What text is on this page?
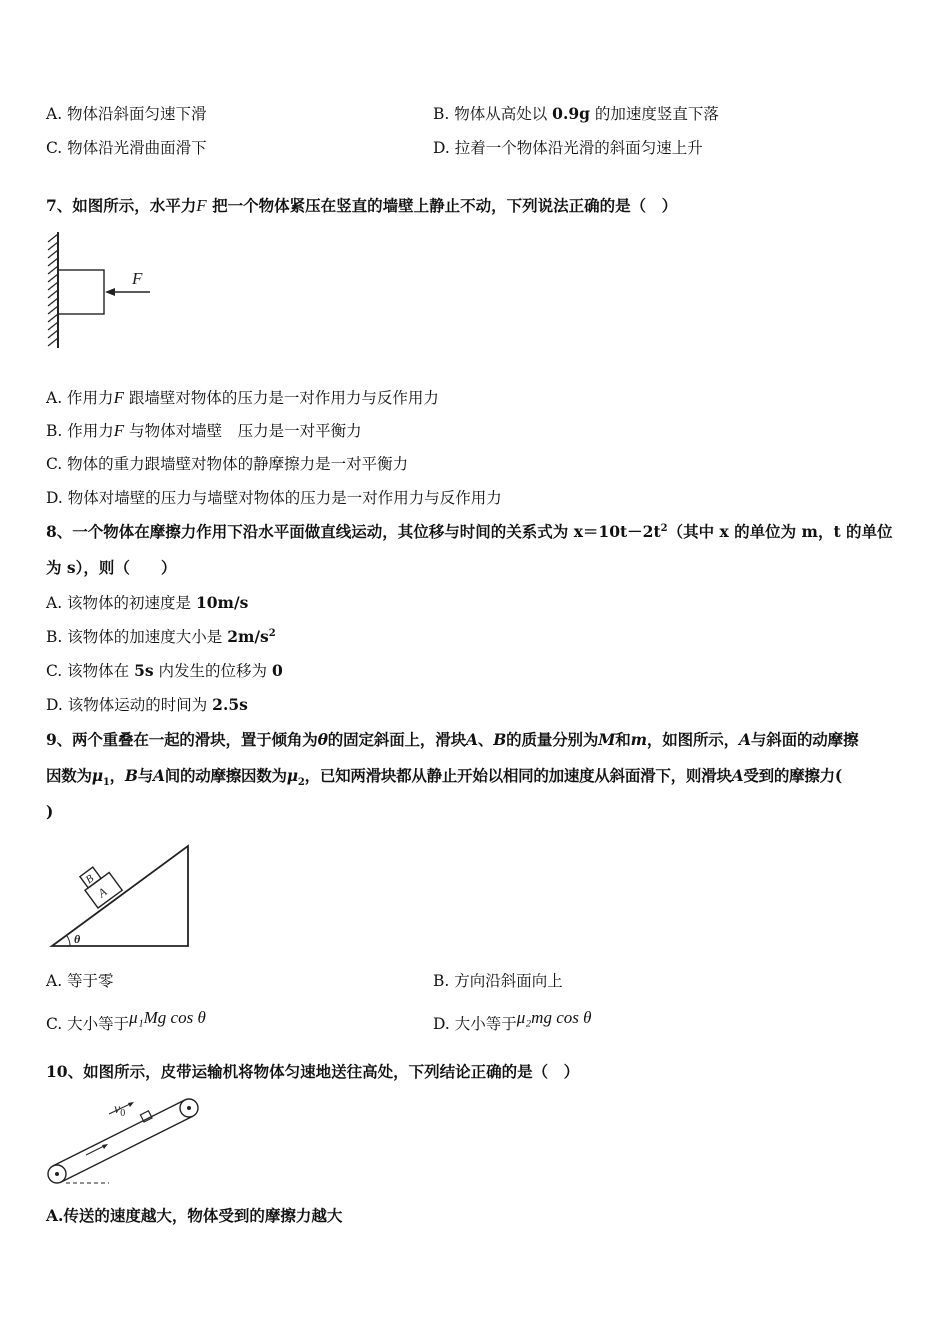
A. 物体沿斜面匀速下滑	B. 物体从高处以 0.9g 的加速度竖直下落
C. 物体沿光滑曲面滑下	D. 拉着一个物体沿光滑的斜面匀速上升
7、如图所示，水平力F 把一个物体紧压在竖直的墙壁上静止不动，下列说法正确的是（　）
F
A. 作用力F 跟墙壁对物体的压力是一对作用力与反作用力
B. 作用力F 与物体对墙壁　压力是一对平衡力
C. 物体的重力跟墙壁对物体的静摩擦力是一对平衡力
D. 物体对墙壁的压力与墙壁对物体的压力是一对作用力与反作用力
8、一个物体在摩擦力作用下沿水平面做直线运动，其位移与时间的关系式为 $x=10t-2t^2$（其中 x 的单位为 m，t 的单位
为 s），则（　　）
A. 该物体的初速度是 10m/s
B. 该物体的加速度大小是 $2m/s^2$
C. 该物体在 5s 内发生的位移为 0
D. 该物体运动的时间为 2.5s
9、两个重叠在一起的滑块，置于倾角为θ的固定斜面上，滑块A、B的质量分别为M和m，如图所示，A与斜面的动摩擦
因数为$\mu_1$，B与A间的动摩擦因数为$\mu_2$，已知两滑块都从静止开始以相同的加速度从斜面滑下，则滑块A受到的摩擦力(
)
A
B
θ
A. 等于零	B. 方向沿斜面向上
C. 大小等于μ₁Mg cos θ	D. 大小等于μ₂mg cos θ
10、如图所示，皮带运输机将物体匀速地送往高处，下列结论正确的是（　）
$v_0$
A.传送的速度越大，物体受到的摩擦力越大
